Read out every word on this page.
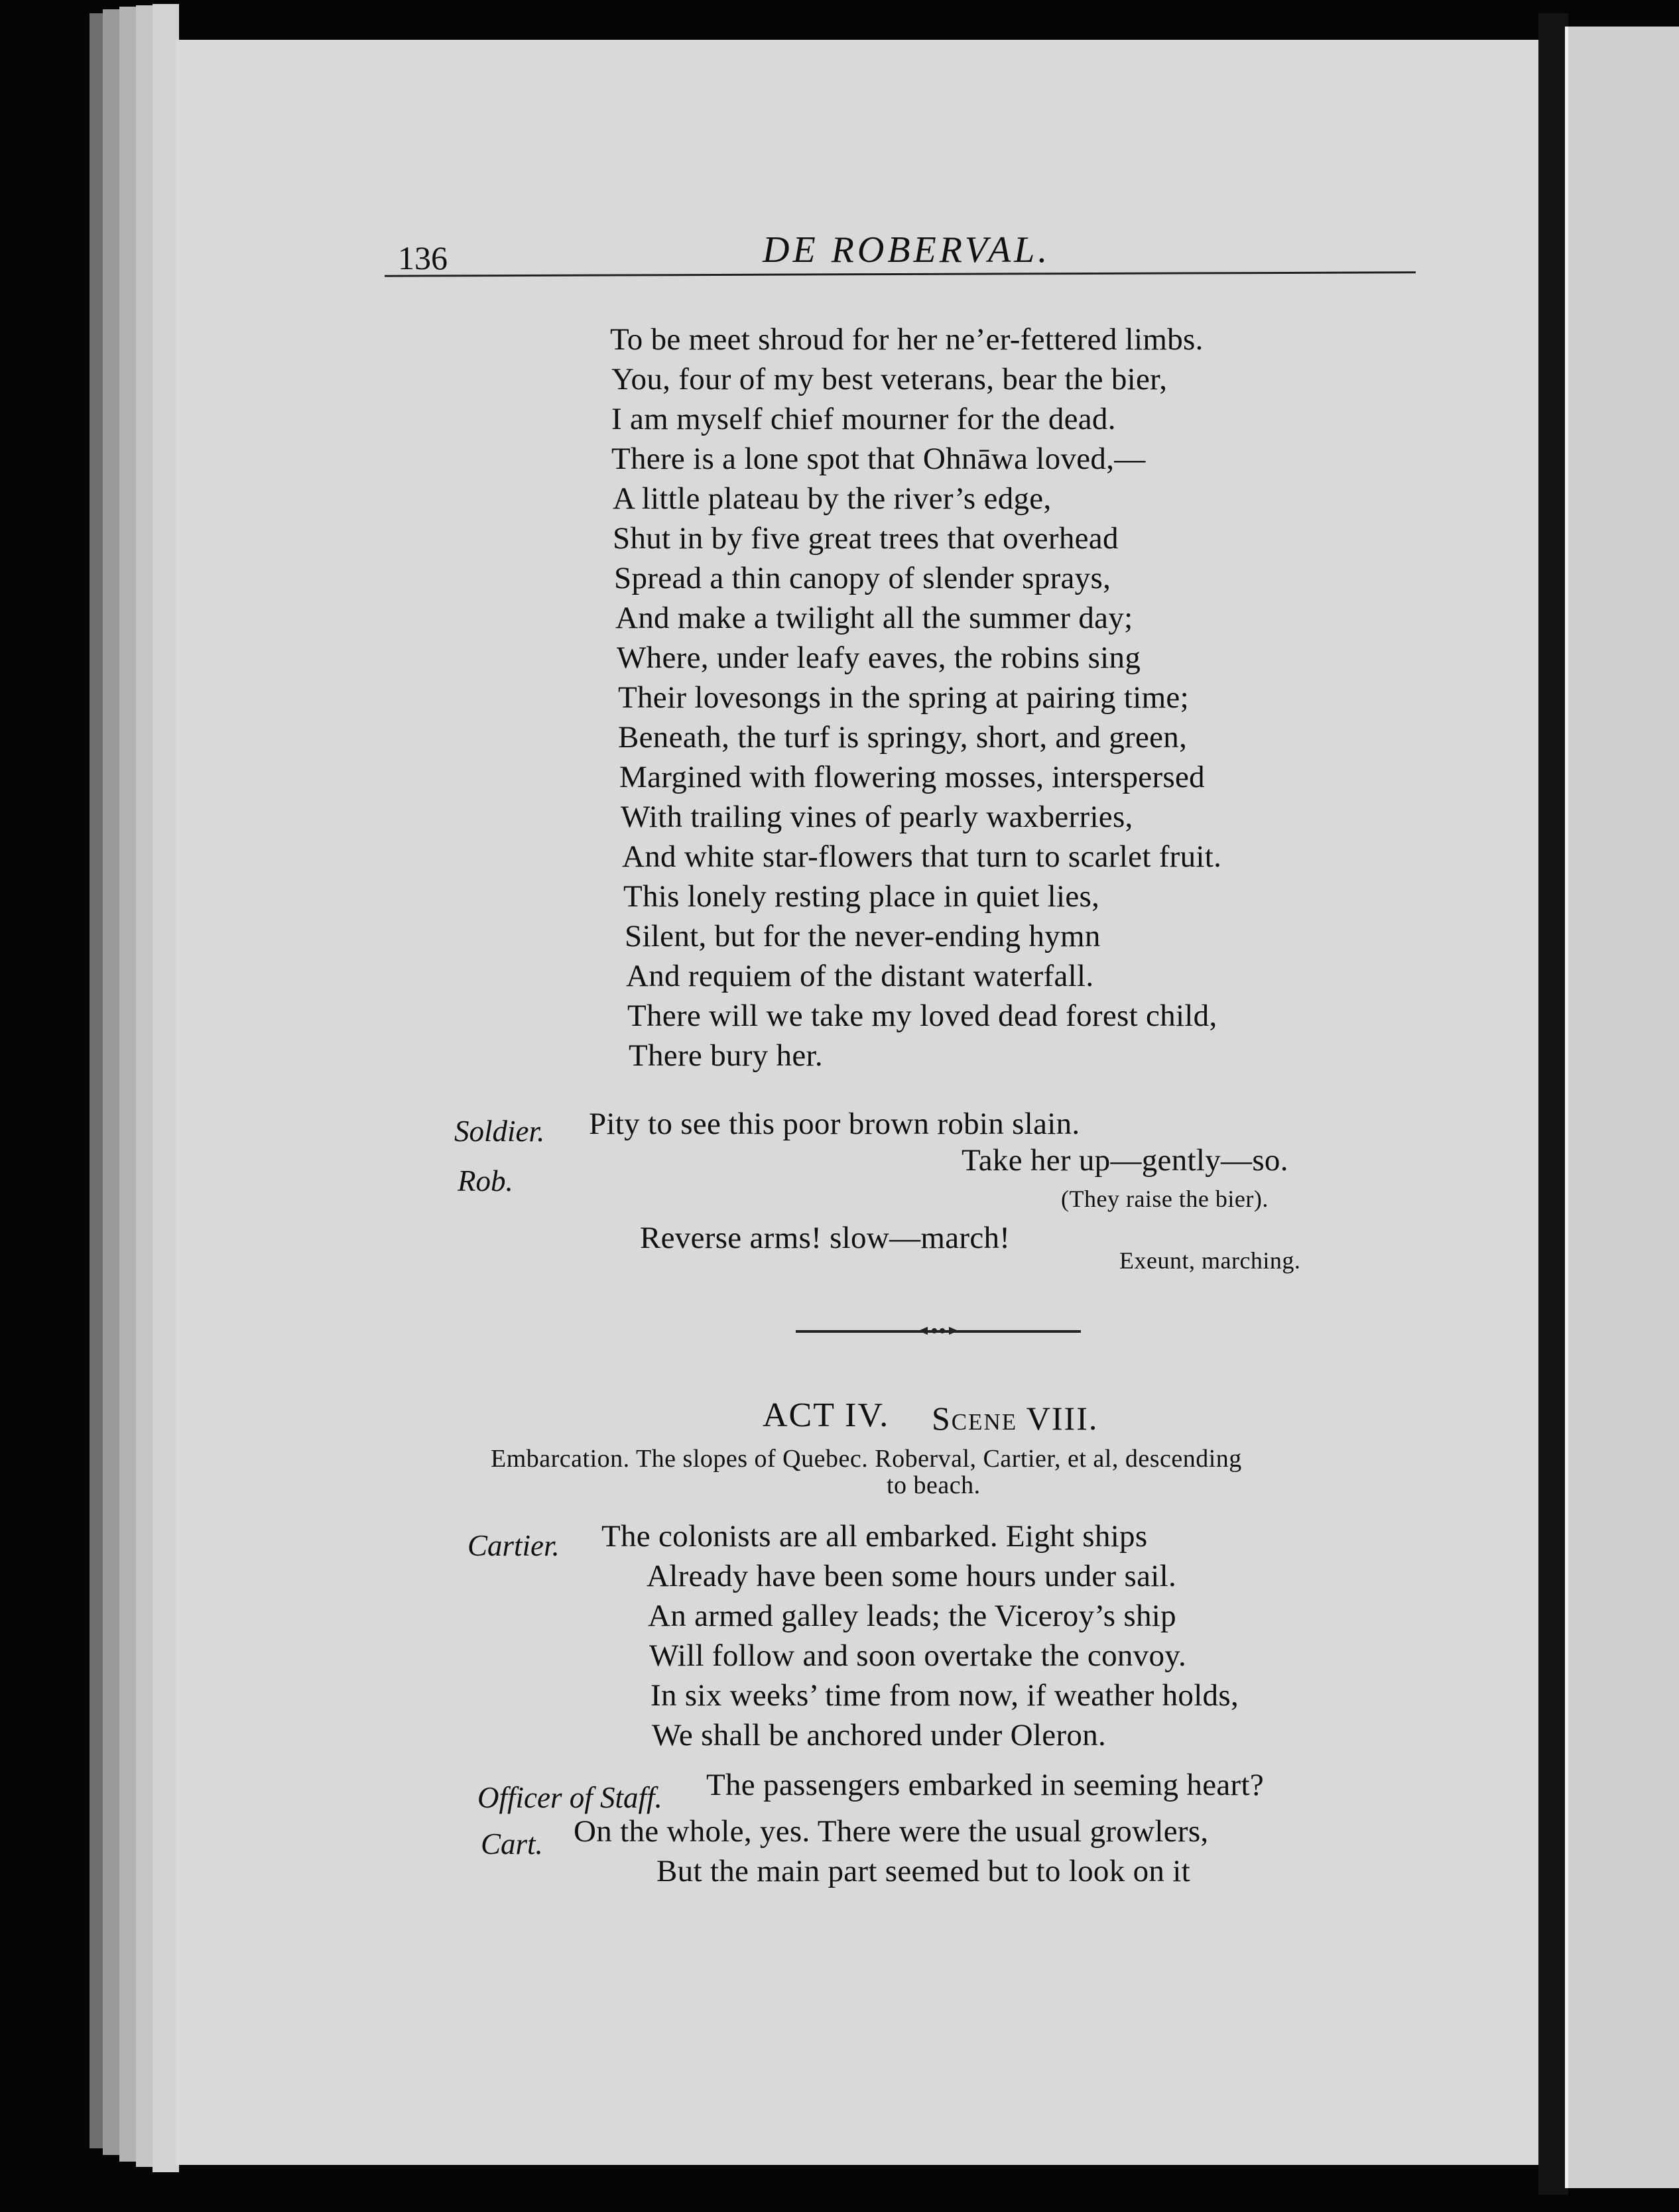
136	DE ROBERVAL.
To be meet shroud for her ne’er-fettered limbs.
You, four of my best veterans, bear the bier,
I am myself chief mourner for the dead.
There is a lone spot that Ohnāwa loved,—
A little plateau by the river’s edge,
Shut in by five great trees that overhead
Spread a thin canopy of slender sprays,
And make a twilight all the summer day;
Where, under leafy eaves, the robins sing
Their lovesongs in the spring at pairing time;
Beneath, the turf is springy, short, and green,
Margined with flowering mosses, interspersed
With trailing vines of pearly waxberries,
And white star-flowers that turn to scarlet fruit.
This lonely resting place in quiet lies,
Silent, but for the never-ending hymn
And requiem of the distant waterfall.
There will we take my loved dead forest child,
There bury her.
Soldier. Pity to see this poor brown robin slain.
Rob.
Take her up—gently—so.
(They raise the bier).
Reverse arms! slow—march!
Exeunt, marching.
ACT IV. Scene VIII.
Embarcation. The slopes of Quebec. Roberval, Cartier, et al, descending
to beach.
Cartier. The colonists are all embarked. Eight ships
Already have been some hours under sail.
An armed galley leads; the Viceroy’s ship
Will follow and soon overtake the convoy.
In six weeks’ time from now, if weather holds,
We shall be anchored under Oleron.
Officer of Staff. The passengers embarked in seeming heart?
Cart. On the whole, yes. There were the usual growlers,
But the main part seemed but to look on it
